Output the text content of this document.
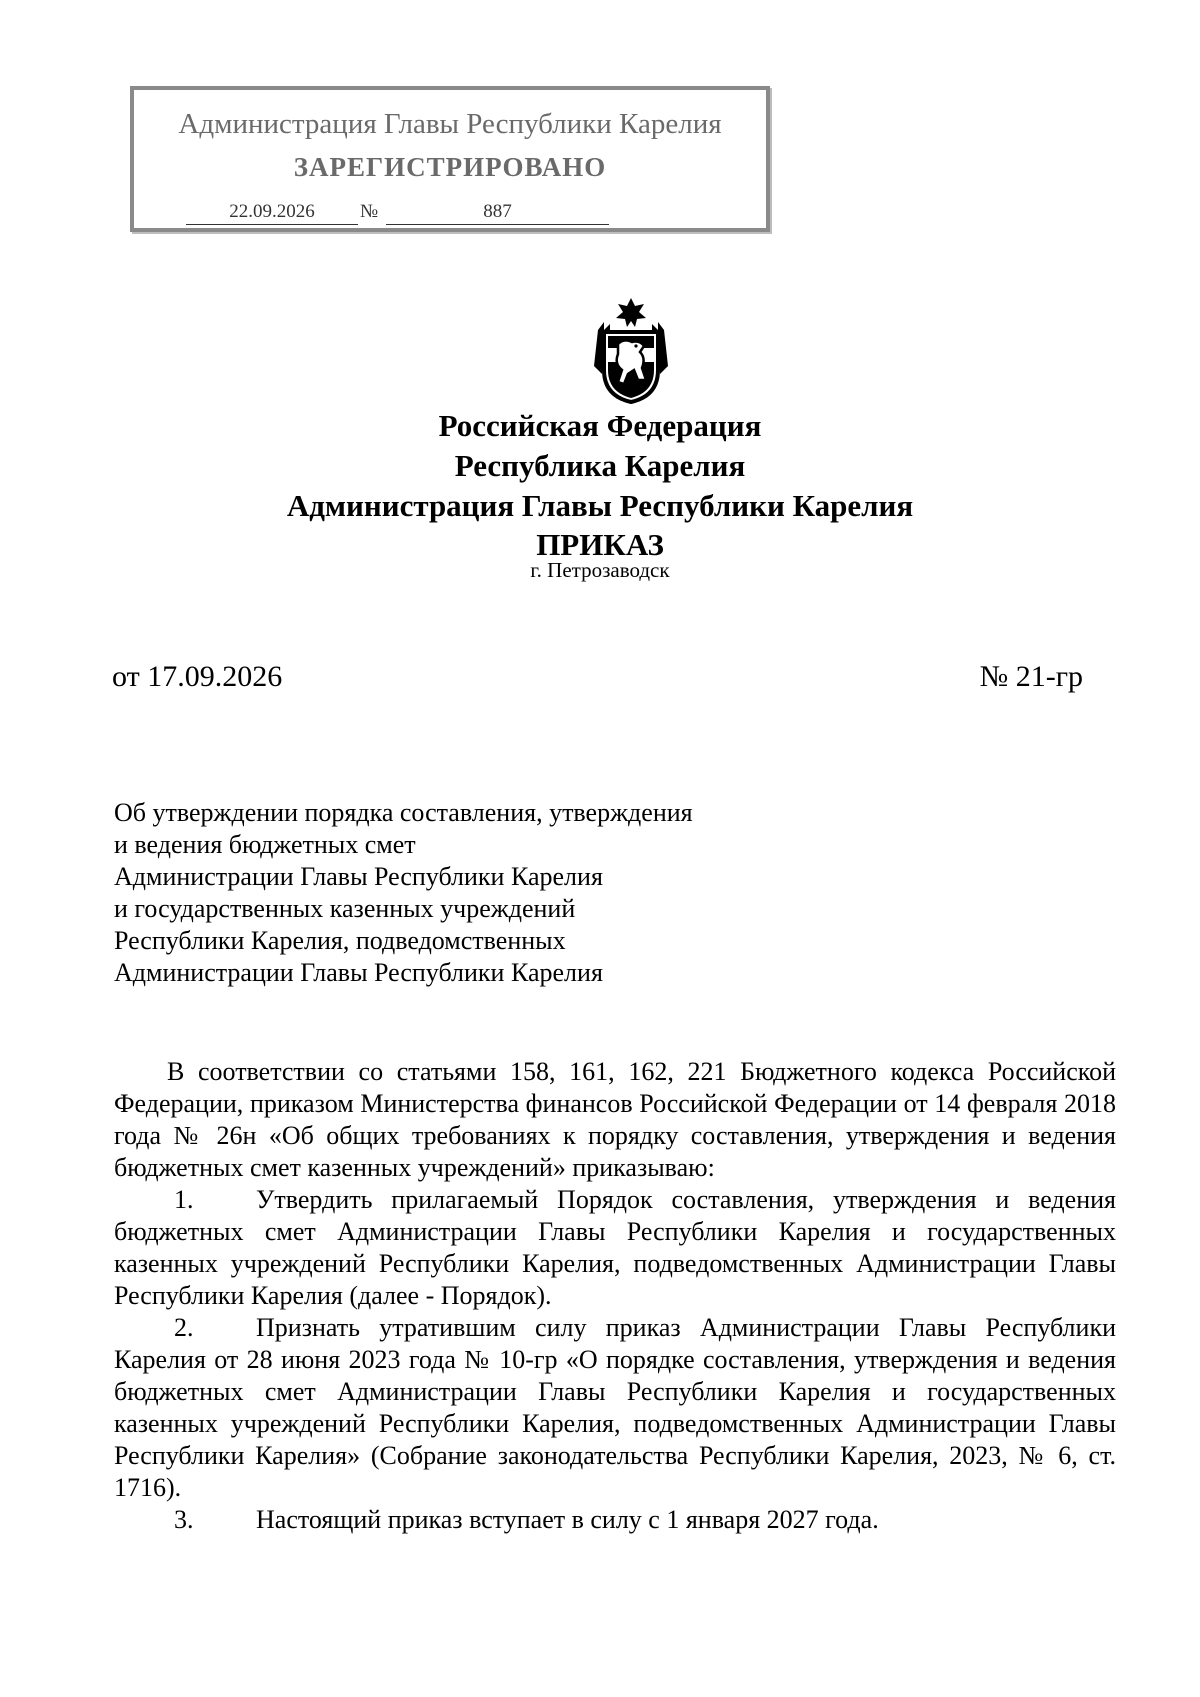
Администрация Главы Республики Карелия
ЗАРЕГИСТРИРОВАНО
22.09.2026	№	887
Российская Федерация
Республика Карелия
Администрация Главы Республики Карелия
ПРИКАЗ
г. Петрозаводск
от 17.09.2026	№ 21-гр
Об утверждении порядка составления, утверждения
и ведения бюджетных смет
Администрации Главы Республики Карелия
и государственных казенных учреждений
Республики Карелия, подведомственных
Администрации Главы Республики Карелия

В соответствии со статьями 158, 161, 162, 221 Бюджетного кодекса Российской Федерации, приказом Министерства финансов Российской Федерации от 14 февраля 2018 года № 26н «Об общих требованиях к порядку составления, утверждения и ведения бюджетных смет казенных учреждений» приказываю:

1. Утвердить прилагаемый Порядок составления, утверждения и ведения бюджетных смет Администрации Главы Республики Карелия и государственных казенных учреждений Республики Карелия, подведомственных Администрации Главы Республики Карелия (далее - Порядок).

2. Признать утратившим силу приказ Администрации Главы Республики Карелия от 28 июня 2023 года № 10-гр «О порядке составления, утверждения и ведения бюджетных смет Администрации Главы Республики Карелия и государственных казенных учреждений Республики Карелия, подведомственных Администрации Главы Республики Карелия» (Собрание законодательства Республики Карелия, 2023, № 6, ст. 1716).

3. Настоящий приказ вступает в силу с 1 января 2027 года.
